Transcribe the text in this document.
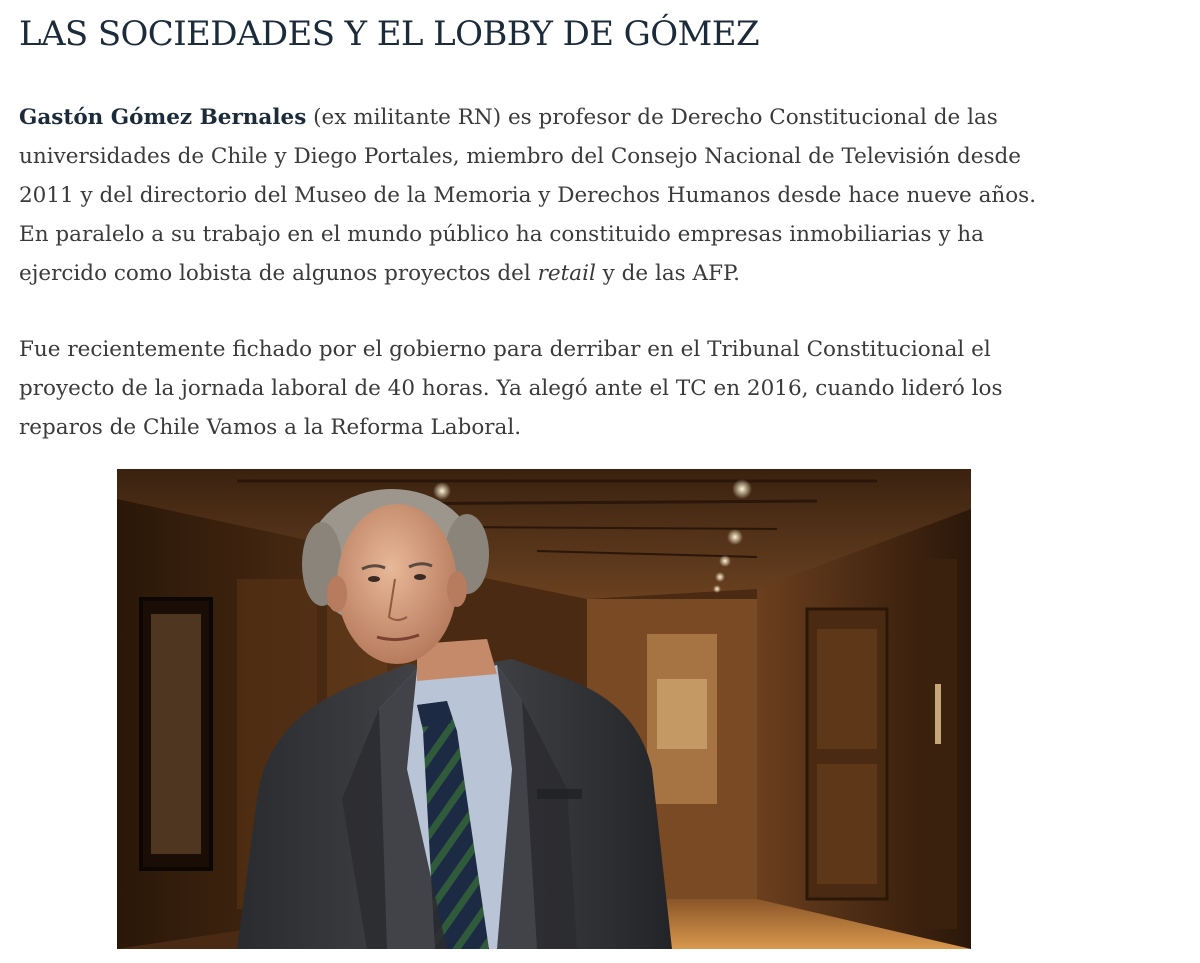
LAS SOCIEDADES Y EL LOBBY DE GÓMEZ
Gastón Gómez Bernales (ex militante RN) es profesor de Derecho Constitucional de las
universidades de Chile y Diego Portales, miembro del Consejo Nacional de Televisión desde
2011 y del directorio del Museo de la Memoria y Derechos Humanos desde hace nueve años.
En paralelo a su trabajo en el mundo público ha constituido empresas inmobiliarias y ha
ejercido como lobista de algunos proyectos del retail y de las AFP.
Fue recientemente fichado por el gobierno para derribar en el Tribunal Constitucional el
proyecto de la jornada laboral de 40 horas. Ya alegó ante el TC en 2016, cuando lideró los
reparos de Chile Vamos a la Reforma Laboral.
